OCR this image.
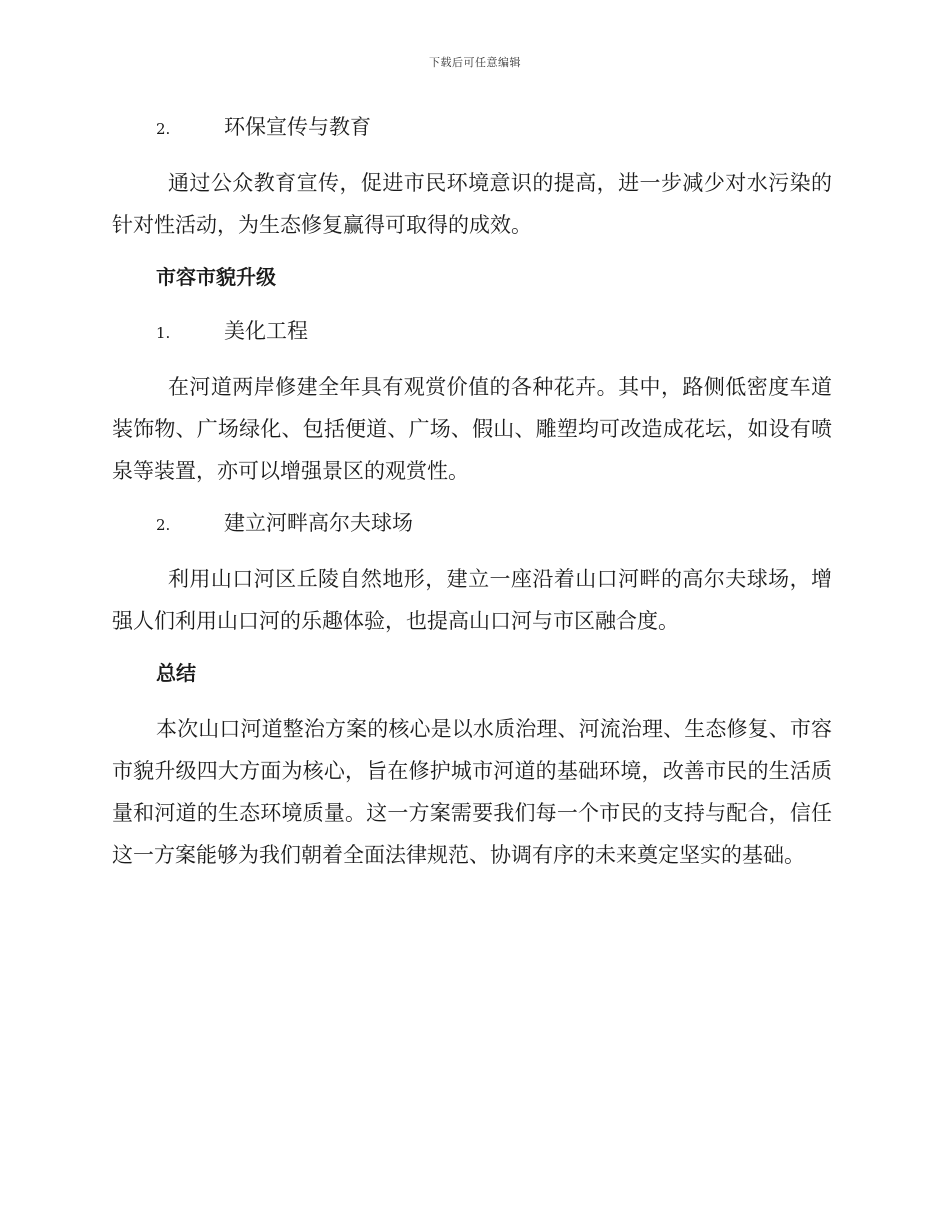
下载后可任意编辑
2.	环保宣传与教育

通过公众教育宣传，促进市民环境意识的提高，进一步减少对水污染的针对性活动，为生态修复赢得可取得的成效。

市容市貌升级
1.	美化工程

在河道两岸修建全年具有观赏价值的各种花卉。其中，路侧低密度车道装饰物、广场绿化、包括便道、广场、假山、雕塑均可改造成花坛，如设有喷泉等装置，亦可以增强景区的观赏性。

2.	建立河畔高尔夫球场

利用山口河区丘陵自然地形，建立一座沿着山口河畔的高尔夫球场，增强人们利用山口河的乐趣体验，也提高山口河与市区融合度。

总结

本次山口河道整治方案的核心是以水质治理、河流治理、生态修复、市容市貌升级四大方面为核心，旨在修护城市河道的基础环境，改善市民的生活质量和河道的生态环境质量。这一方案需要我们每一个市民的支持与配合，信任这一方案能够为我们朝着全面法律规范、协调有序的未来奠定坚实的基础。
